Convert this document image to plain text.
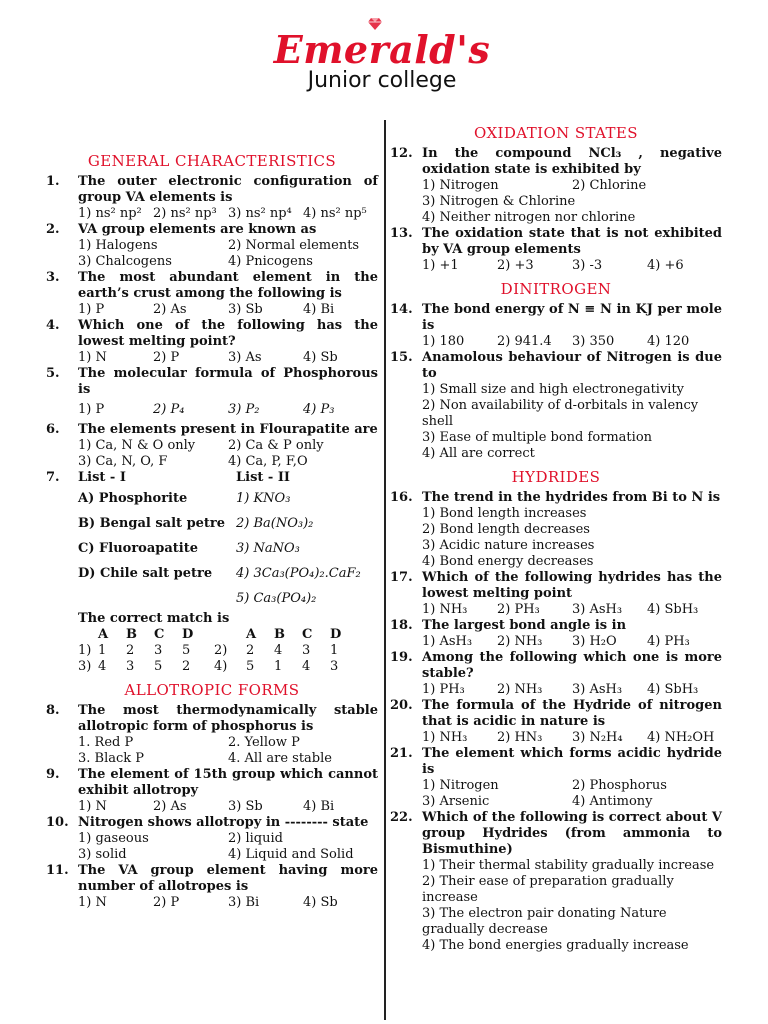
Emerald's
Junior college
GENERAL CHARACTERISTICS
1.	The outer electronic configuration of group VA elements is
1) ns² np² 2) ns² np³ 3) ns² np⁴ 4) ns² np⁵
2.	VA group elements are known as
1) Halogens	2) Normal elements
3) Chalcogens	4) Pnicogens
3.	The most abundant element in the earth’s crust among the following is
1) P	2) As	3) Sb	4) Bi
4.	Which one of the following has the lowest melting point?
1) N	2) P	3) As	4) Sb
5.	The molecular formula of Phosphorous is
1) P	2) P₄	3) P₂	4) P₃
6.	The elements present in Flourapatite are
1) Ca, N & O only	2) Ca & P only
3) Ca, N, O, F	4) Ca, P, F,O
7.	List - I	List - II
A) Phosphorite	1) KNO₃
B) Bengal salt petre 2) Ba(NO₃)₂
C) Fluoroapatite	3) NaNO₃
D) Chile salt petre	4) 3Ca₃(PO₄)₂.CaF₂
5) Ca₃(PO₄)₂
The correct match is
A	B	C	D	A	B	C	D
1) 1	2	3	5	2)	2	4	3	1
3) 4	3	5	2	4)	5	1	4	3
ALLOTROPIC FORMS
8.	The most thermodynamically stable allotropic form of phosphorus is
1. Red P	2. Yellow P
3. Black P	4. All are stable
9.	The element of 15th group which cannot exhibit allotropy
1) N	2) As	3) Sb	4) Bi
10. Nitrogen shows allotropy in -------- state
1) gaseous	2) liquid
3) solid	4) Liquid and Solid
11. The VA group element having more number of allotropes is
1) N	2) P	3) Bi	4) Sb
OXIDATION STATES
12. In the compound NCl₃ , negative oxidation state is exhibited by
1) Nitrogen	2) Chlorine
3) Nitrogen & Chlorine
4) Neither nitrogen nor chlorine
13. The oxidation state that is not exhibited by VA group elements
1) +1	2) +3	3) -3	4) +6
DINITROGEN
14. The bond energy of N ≡ N in KJ per mole is
1) 180	2) 941.4	3) 350	4) 120
15. Anamolous behaviour of Nitrogen is due to
1) Small size and high electronegativity
2) Non availability of d-orbitals in valency shell
3) Ease of multiple bond formation
4) All are correct
HYDRIDES
16. The trend in the hydrides from Bi to N is
1) Bond length increases
2) Bond length decreases
3) Acidic nature increases
4) Bond energy decreases
17. Which of the following hydrides has the lowest melting point
1) NH₃	2) PH₃	3) AsH₃	4) SbH₃
18. The largest bond angle is in
1) AsH₃	2) NH₃	3) H₂O	4) PH₃
19. Among the following which one is more stable?
1) PH₃	2) NH₃	3) AsH₃	4) SbH₃
20. The formula of the Hydride of nitrogen that is acidic in nature is
1) NH₃	2) HN₃	3) N₂H₄	4) NH₂OH
21. The element which forms acidic hydride is
1) Nitrogen	2) Phosphorus
3) Arsenic	4) Antimony
22. Which of the following is correct about V group Hydrides (from ammonia to Bismuthine)
1) Their thermal stability gradually increase
2) Their ease of preparation gradually increase
3) The electron pair donating Nature gradually decrease
4) The bond energies gradually increase
